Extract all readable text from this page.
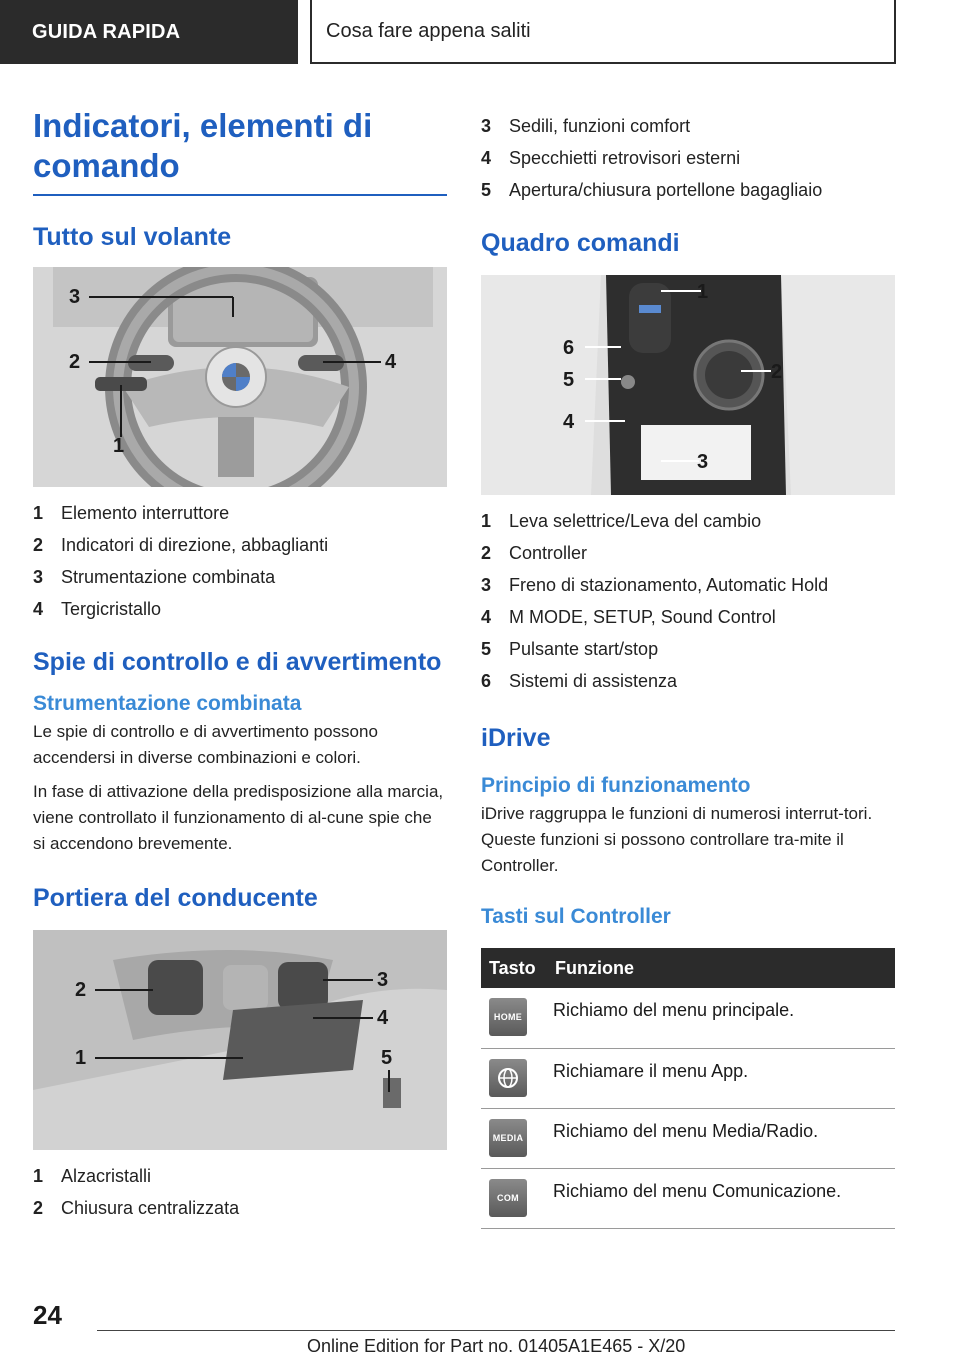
GUIDA RAPIDA	Cosa fare appena saliti
Indicatori, elementi di comando
Tutto sul volante
3
2	4
1
1 Elemento interruttore
2 Indicatori di direzione, abbaglianti
3 Strumentazione combinata
4 Tergicristallo
Spie di controllo e di avvertimento
Strumentazione combinata
Le spie di controllo e di avvertimento possono accendersi in diverse combinazioni e colori.
In fase di attivazione della predisposizione alla marcia, viene controllato il funzionamento di al-cune spie che si accendono brevemente.
Portiera del conducente
2	3
4
1	5
1 Alzacristalli
2 Chiusura centralizzata
3 Sedili, funzioni comfort
4 Specchietti retrovisori esterni
5 Apertura/chiusura portellone bagagliaio
Quadro comandi
1
6
5	2
4
3
1 Leva selettrice/Leva del cambio
2 Controller
3 Freno di stazionamento, Automatic Hold
4 M MODE, SETUP, Sound Control
5 Pulsante start/stop
6 Sistemi di assistenza
iDrive
Principio di funzionamento
iDrive raggruppa le funzioni di numerosi interrut-tori. Queste funzioni si possono controllare tra-mite il Controller.
Tasti sul Controller
Tasto	Funzione

HOME	Richiamo del menu principale.

	Richiamare il menu App.

MEDIA	Richiamo del menu Media/Radio.

COM	Richiamo del menu Comunicazione.
24
Online Edition for Part no. 01405A1E465 - X/20
